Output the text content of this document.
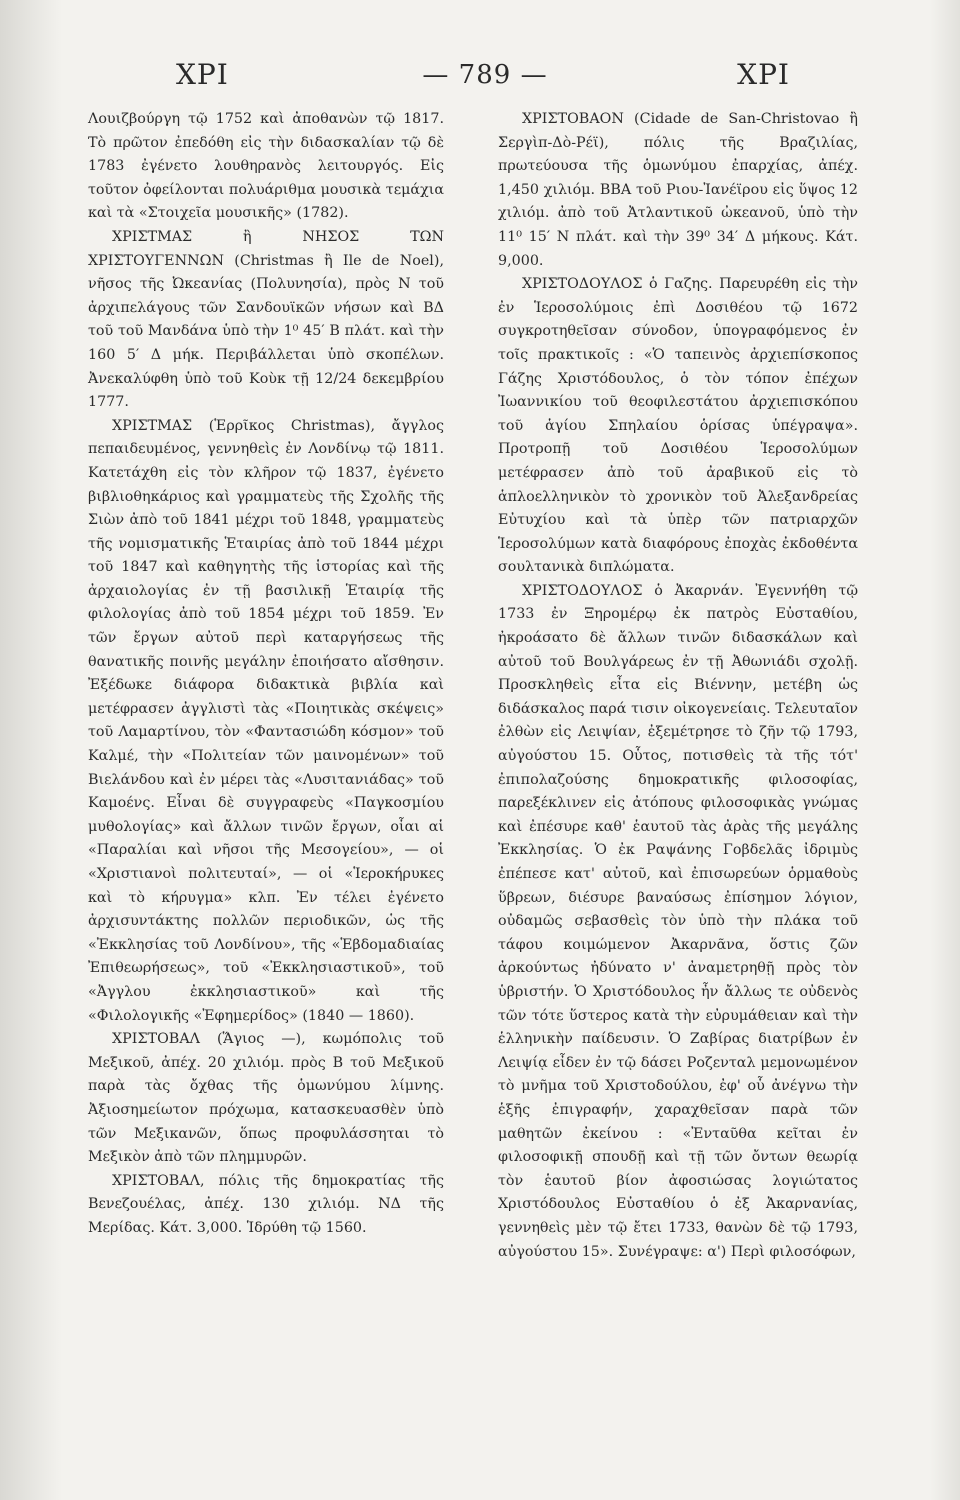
ΧΡΙ	— 789 —	ΧΡΙ

Λουιζβούργη τῷ 1752 καὶ ἀποθανὼν τῷ 1817. Τὸ πρῶτον ἐπεδόθη εἰς τὴν διδασκαλίαν τῷ δὲ 1783 ἐγένετο λουθηρανὸς λειτουργός. Εἰς τοῦτον ὀφείλονται πολυάριθμα μουσικὰ τεμάχια καὶ τὰ «Στοιχεῖα μουσικῆς» (1782).

ΧΡΙΣΤΜΑΣ ἢ ΝΗΣΟΣ ΤΩΝ ΧΡΙΣΤΟΥΓΕΝΝΩΝ (Christmas ἢ Ile de Noel), νῆσος τῆς Ὠκεανίας (Πολυνησία), πρὸς Ν τοῦ ἀρχιπελάγους τῶν Σανδουϊκῶν νήσων καὶ ΒΔ τοῦ τοῦ Μανδάνα ὑπὸ τὴν 1⁰ 45′ Β πλάτ. καὶ τὴν 160 5′ Δ μήκ. Περιβάλλεται ὑπὸ σκοπέλων. Ἀνεκαλύφθη ὑπὸ τοῦ Κοὺκ τῇ 12/24 δεκεμβρίου 1777.

ΧΡΙΣΤΜΑΣ (Ἑρρῖκος Christmas), ἄγγλος πεπαιδευμένος, γεννηθεὶς ἐν Λονδίνῳ τῷ 1811. Κατετάχθη εἰς τὸν κλῆρον τῷ 1837, ἐγένετο βιβλιοθηκάριος καὶ γραμματεὺς τῆς Σχολῆς τῆς Σιὼν ἀπὸ τοῦ 1841 μέχρι τοῦ 1848, γραμματεὺς τῆς νομισματικῆς Ἑταιρίας ἀπὸ τοῦ 1844 μέχρι τοῦ 1847 καὶ καθηγητὴς τῆς ἱστορίας καὶ τῆς ἀρχαιολογίας ἐν τῇ βασιλικῇ Ἑταιρίᾳ τῆς φιλολογίας ἀπὸ τοῦ 1854 μέχρι τοῦ 1859. Ἐν τῶν ἔργων αὐτοῦ περὶ καταργήσεως τῆς θανατικῆς ποινῆς μεγάλην ἐποιήσατο αἴσθησιν. Ἐξέδωκε διάφορα διδακτικὰ βιβλία καὶ μετέφρασεν ἀγγλιστὶ τὰς «Ποιητικὰς σκέψεις» τοῦ Λαμαρτίνου, τὸν «Φαντασιώδη κόσμον» τοῦ Καλμέ, τὴν «Πολιτείαν τῶν μαινομένων» τοῦ Βιελάνδου καὶ ἐν μέρει τὰς «Λυσιτανιάδας» τοῦ Καμοένς. Εἶναι δὲ συγγραφεὺς «Παγκοσμίου μυθολογίας» καὶ ἄλλων τινῶν ἔργων, οἷαι αἱ «Παραλίαι καὶ νῆσοι τῆς Μεσογείου», — οἱ «Χριστιανοὶ πολιτευταί», — οἱ «Ἱεροκήρυκες καὶ τὸ κήρυγμα» κλπ. Ἐν τέλει ἐγένετο ἀρχισυντάκτης πολλῶν περιοδικῶν, ὡς τῆς «Ἐκκλησίας τοῦ Λονδίνου», τῆς «Ἑβδομαδιαίας Ἐπιθεωρήσεως», τοῦ «Ἐκκλησιαστικοῦ», τοῦ «Ἀγγλου ἐκκλησιαστικοῦ» καὶ τῆς «Φιλολογικῆς «Ἐφημερίδος» (1840 — 1860).

ΧΡΙΣΤΟΒΑΛ (Ἅγιος —), κωμόπολις τοῦ Μεξικοῦ, ἀπέχ. 20 χιλιόμ. πρὸς Β τοῦ Μεξικοῦ παρὰ τὰς ὄχθας τῆς ὁμωνύμου λίμνης. Ἀξιοσημείωτον πρόχωμα, κατασκευασθὲν ὑπὸ τῶν Μεξικανῶν, ὅπως προφυλάσσηται τὸ Μεξικὸν ἀπὸ τῶν πλημμυρῶν.

ΧΡΙΣΤΟΒΑΛ, πόλις τῆς δημοκρατίας τῆς Βενεζουέλας, ἀπέχ. 130 χιλιόμ. ΝΔ τῆς Μερίδας. Κάτ. 3,000. Ἱδρύθη τῷ 1560.

ΧΡΙΣΤΟΒΑΟΝ (Cidade de San-Christovao ἢ Σεργὶπ-Δὸ-Ρέϊ), πόλις τῆς Βραζιλίας, πρωτεύουσα τῆς ὁμωνύμου ἐπαρχίας, ἀπέχ. 1,450 χιλιόμ. ΒΒΑ τοῦ Ριου-Ἰανέϊρου εἰς ὕψος 12 χιλιόμ. ἀπὸ τοῦ Ἀτλαντικοῦ ὠκεανοῦ, ὑπὸ τὴν 11⁰ 15′ Ν πλάτ. καὶ τὴν 39⁰ 34′ Δ μήκους. Κάτ. 9,000.

ΧΡΙΣΤΟΔΟΥΛΟΣ ὁ Γαζης. Παρευρέθη εἰς τὴν ἐν Ἱεροσολύμοις ἐπὶ Δοσιθέου τῷ 1672 συγκροτηθεῖσαν σύνοδον, ὑπογραφόμενος ἐν τοῖς πρακτικοῖς : «Ὁ ταπεινὸς ἀρχιεπίσκοπος Γάζης Χριστόδουλος, ὁ τὸν τόπον ἐπέχων Ἰωαννικίου τοῦ θεοφιλεστάτου ἀρχιεπισκόπου τοῦ ἁγίου Σπηλαίου ὁρίσας ὑπέγραψα». Προτροπῇ τοῦ Δοσιθέου Ἱεροσολύμων μετέφρασεν ἀπὸ τοῦ ἀραβικοῦ εἰς τὸ ἁπλοελληνικὸν τὸ χρονικὸν τοῦ Ἀλεξανδρείας Εὐτυχίου καὶ τὰ ὑπὲρ τῶν πατριαρχῶν Ἱεροσολύμων κατὰ διαφόρους ἐποχὰς ἐκδοθέντα σουλτανικὰ διπλώματα.

ΧΡΙΣΤΟΔΟΥΛΟΣ ὁ Ἀκαρνάν. Ἐγεννήθη τῷ 1733 ἐν Ξηρομέρῳ ἐκ πατρὸς Εὐσταθίου, ἠκροάσατο δὲ ἄλλων τινῶν διδασκάλων καὶ αὐτοῦ τοῦ Βουλγάρεως ἐν τῇ Ἀθωνιάδι σχολῇ. Προσκληθεὶς εἶτα εἰς Βιέννην, μετέβη ὡς διδάσκαλος παρά τισιν οἰκογενείαις. Τελευταῖον ἐλθὼν εἰς Λειψίαν, ἐξεμέτρησε τὸ ζῆν τῷ 1793, αὐγούστου 15. Οὗτος, ποτισθεὶς τὰ τῆς τότ' ἐπιπολαζούσης δημοκρατικῆς φιλοσοφίας, παρεξέκλινεν εἰς ἀτόπους φιλοσοφικὰς γνώμας καὶ ἐπέσυρε καθ' ἑαυτοῦ τὰς ἀρὰς τῆς μεγάλης Ἐκκλησίας. Ὁ ἐκ Ραψάνης Γοβδελᾶς ἰδριμὺς ἐπέπεσε κατ' αὐτοῦ, καὶ ἐπισωρεύων ὁρμαθοὺς ὕβρεων, διέσυρε βαναύσως ἐπίσημον λόγιον, οὐδαμῶς σεβασθεὶς τὸν ὑπὸ τὴν πλάκα τοῦ τάφου κοιμώμενον Ἀκαρνᾶνα, ὅστις ζῶν ἀρκούντως ἠδύνατο ν' ἀναμετρηθῇ πρὸς τὸν ὑβριστήν. Ὁ Χριστόδουλος ἦν ἄλλως τε οὐδενὸς τῶν τότε ὕστερος κατὰ τὴν εὐρυμάθειαν καὶ τὴν ἑλληνικὴν παίδευσιν. Ὁ Ζαβίρας διατρίβων ἐν Λειψίᾳ εἶδεν ἐν τῷ δάσει Ροζενταλ μεμονωμένον τὸ μνῆμα τοῦ Χριστοδούλου, ἐφ' οὗ ἀνέγνω τὴν ἑξῆς ἐπιγραφήν, χαραχθεῖσαν παρὰ τῶν μαθητῶν ἐκείνου : «Ἐνταῦθα κεῖται ἐν φιλοσοφικῇ σπουδῇ καὶ τῇ τῶν ὄντων θεωρίᾳ τὸν ἑαυτοῦ βίον ἀφοσιώσας λογιώτατος Χριστόδουλος Εὐσταθίου ὁ ἐξ Ἀκαρνανίας, γεννηθεὶς μὲν τῷ ἔτει 1733, θανὼν δὲ τῷ 1793, αὐγούστου 15». Συνέγραψε: α') Περὶ φιλοσόφων,
